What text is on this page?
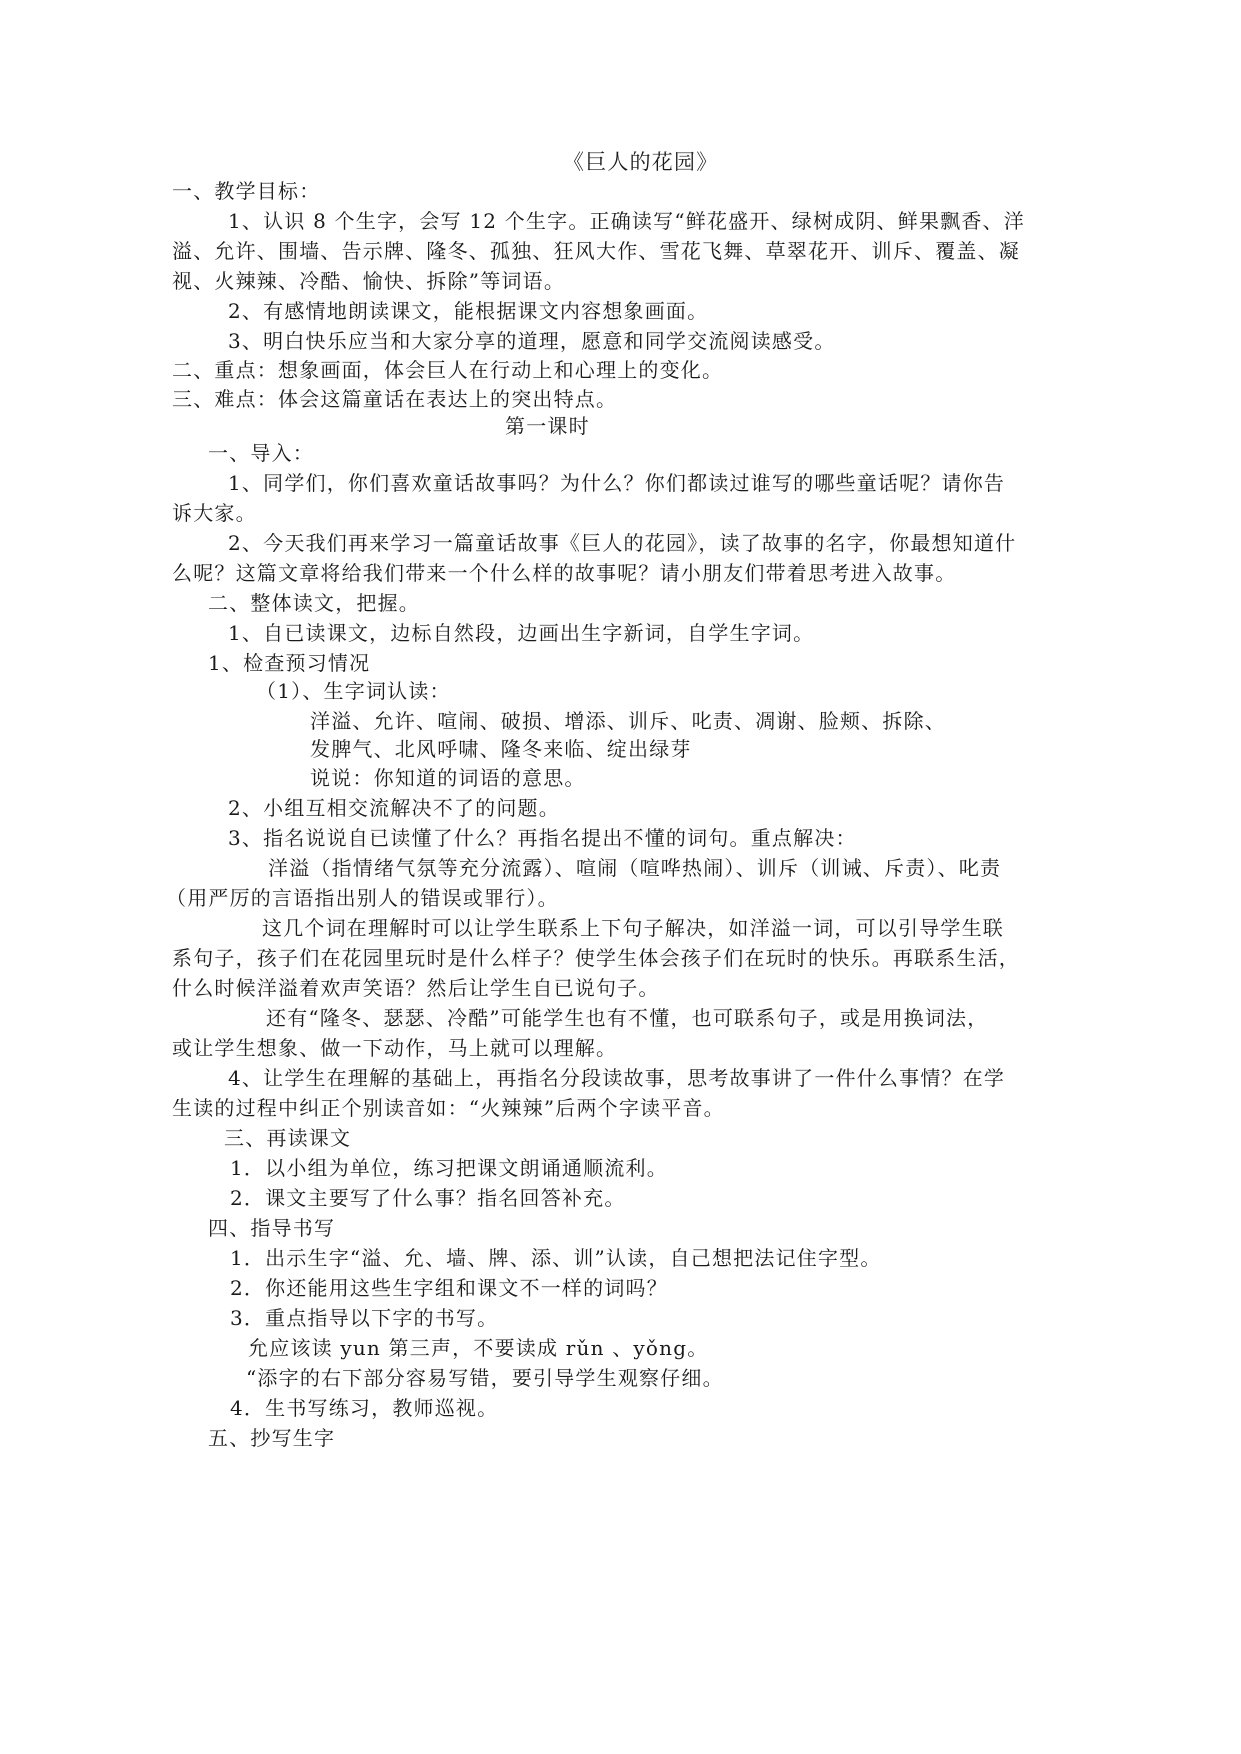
《巨人的花园》
一、教学目标：
1、认识 8 个生字，会写 12 个生字。正确读写“鲜花盛开、绿树成阴、鲜果飘香、洋
溢、允许、围墙、告示牌、隆冬、孤独、狂风大作、雪花飞舞、草翠花开、训斥、覆盖、凝
视、火辣辣、冷酷、愉快、拆除”等词语。
2、有感情地朗读课文，能根据课文内容想象画面。
3、明白快乐应当和大家分享的道理，愿意和同学交流阅读感受。
二、重点：想象画面，体会巨人在行动上和心理上的变化。
三、难点：体会这篇童话在表达上的突出特点。
第一课时
一、导入：
1、同学们，你们喜欢童话故事吗？为什么？你们都读过谁写的哪些童话呢？请你告
诉大家。
2、今天我们再来学习一篇童话故事《巨人的花园》，读了故事的名字，你最想知道什
么呢？这篇文章将给我们带来一个什么样的故事呢？请小朋友们带着思考进入故事。
二、整体读文，把握。
1、自已读课文，边标自然段，边画出生字新词，自学生字词。
1、检查预习情况
（1）、生字词认读：
洋溢、允许、喧闹、破损、增添、训斥、叱责、凋谢、脸颊、拆除、
发脾气、北风呼啸、隆冬来临、绽出绿芽
说说：你知道的词语的意思。
2、小组互相交流解决不了的问题。
3、指名说说自已读懂了什么？再指名提出不懂的词句。重点解决：
洋溢（指情绪气氛等充分流露）、喧闹（喧哗热闹）、训斥（训诫、斥责）、叱责
（用严厉的言语指出别人的错误或罪行）。
这几个词在理解时可以让学生联系上下句子解决，如洋溢一词，可以引导学生联
系句子，孩子们在花园里玩时是什么样子？使学生体会孩子们在玩时的快乐。再联系生活，
什么时候洋溢着欢声笑语？然后让学生自已说句子。
还有“隆冬、瑟瑟、冷酷”可能学生也有不懂，也可联系句子，或是用换词法，
或让学生想象、做一下动作，马上就可以理解。
4、让学生在理解的基础上，再指名分段读故事，思考故事讲了一件什么事情？在学
生读的过程中纠正个别读音如：“火辣辣”后两个字读平音。
三、再读课文
1．以小组为单位，练习把课文朗诵通顺流利。
2．课文主要写了什么事？指名回答补充。
四、指导书写
1．出示生字“溢、允、墙、牌、添、训”认读，自己想把法记住字型。
2．你还能用这些生字组和课文不一样的词吗？
3．重点指导以下字的书写。
允应该读 yun 第三声，不要读成 rǔn 、yǒng。
“添字的右下部分容易写错，要引导学生观察仔细。
4．生书写练习，教师巡视。
五、抄写生字
